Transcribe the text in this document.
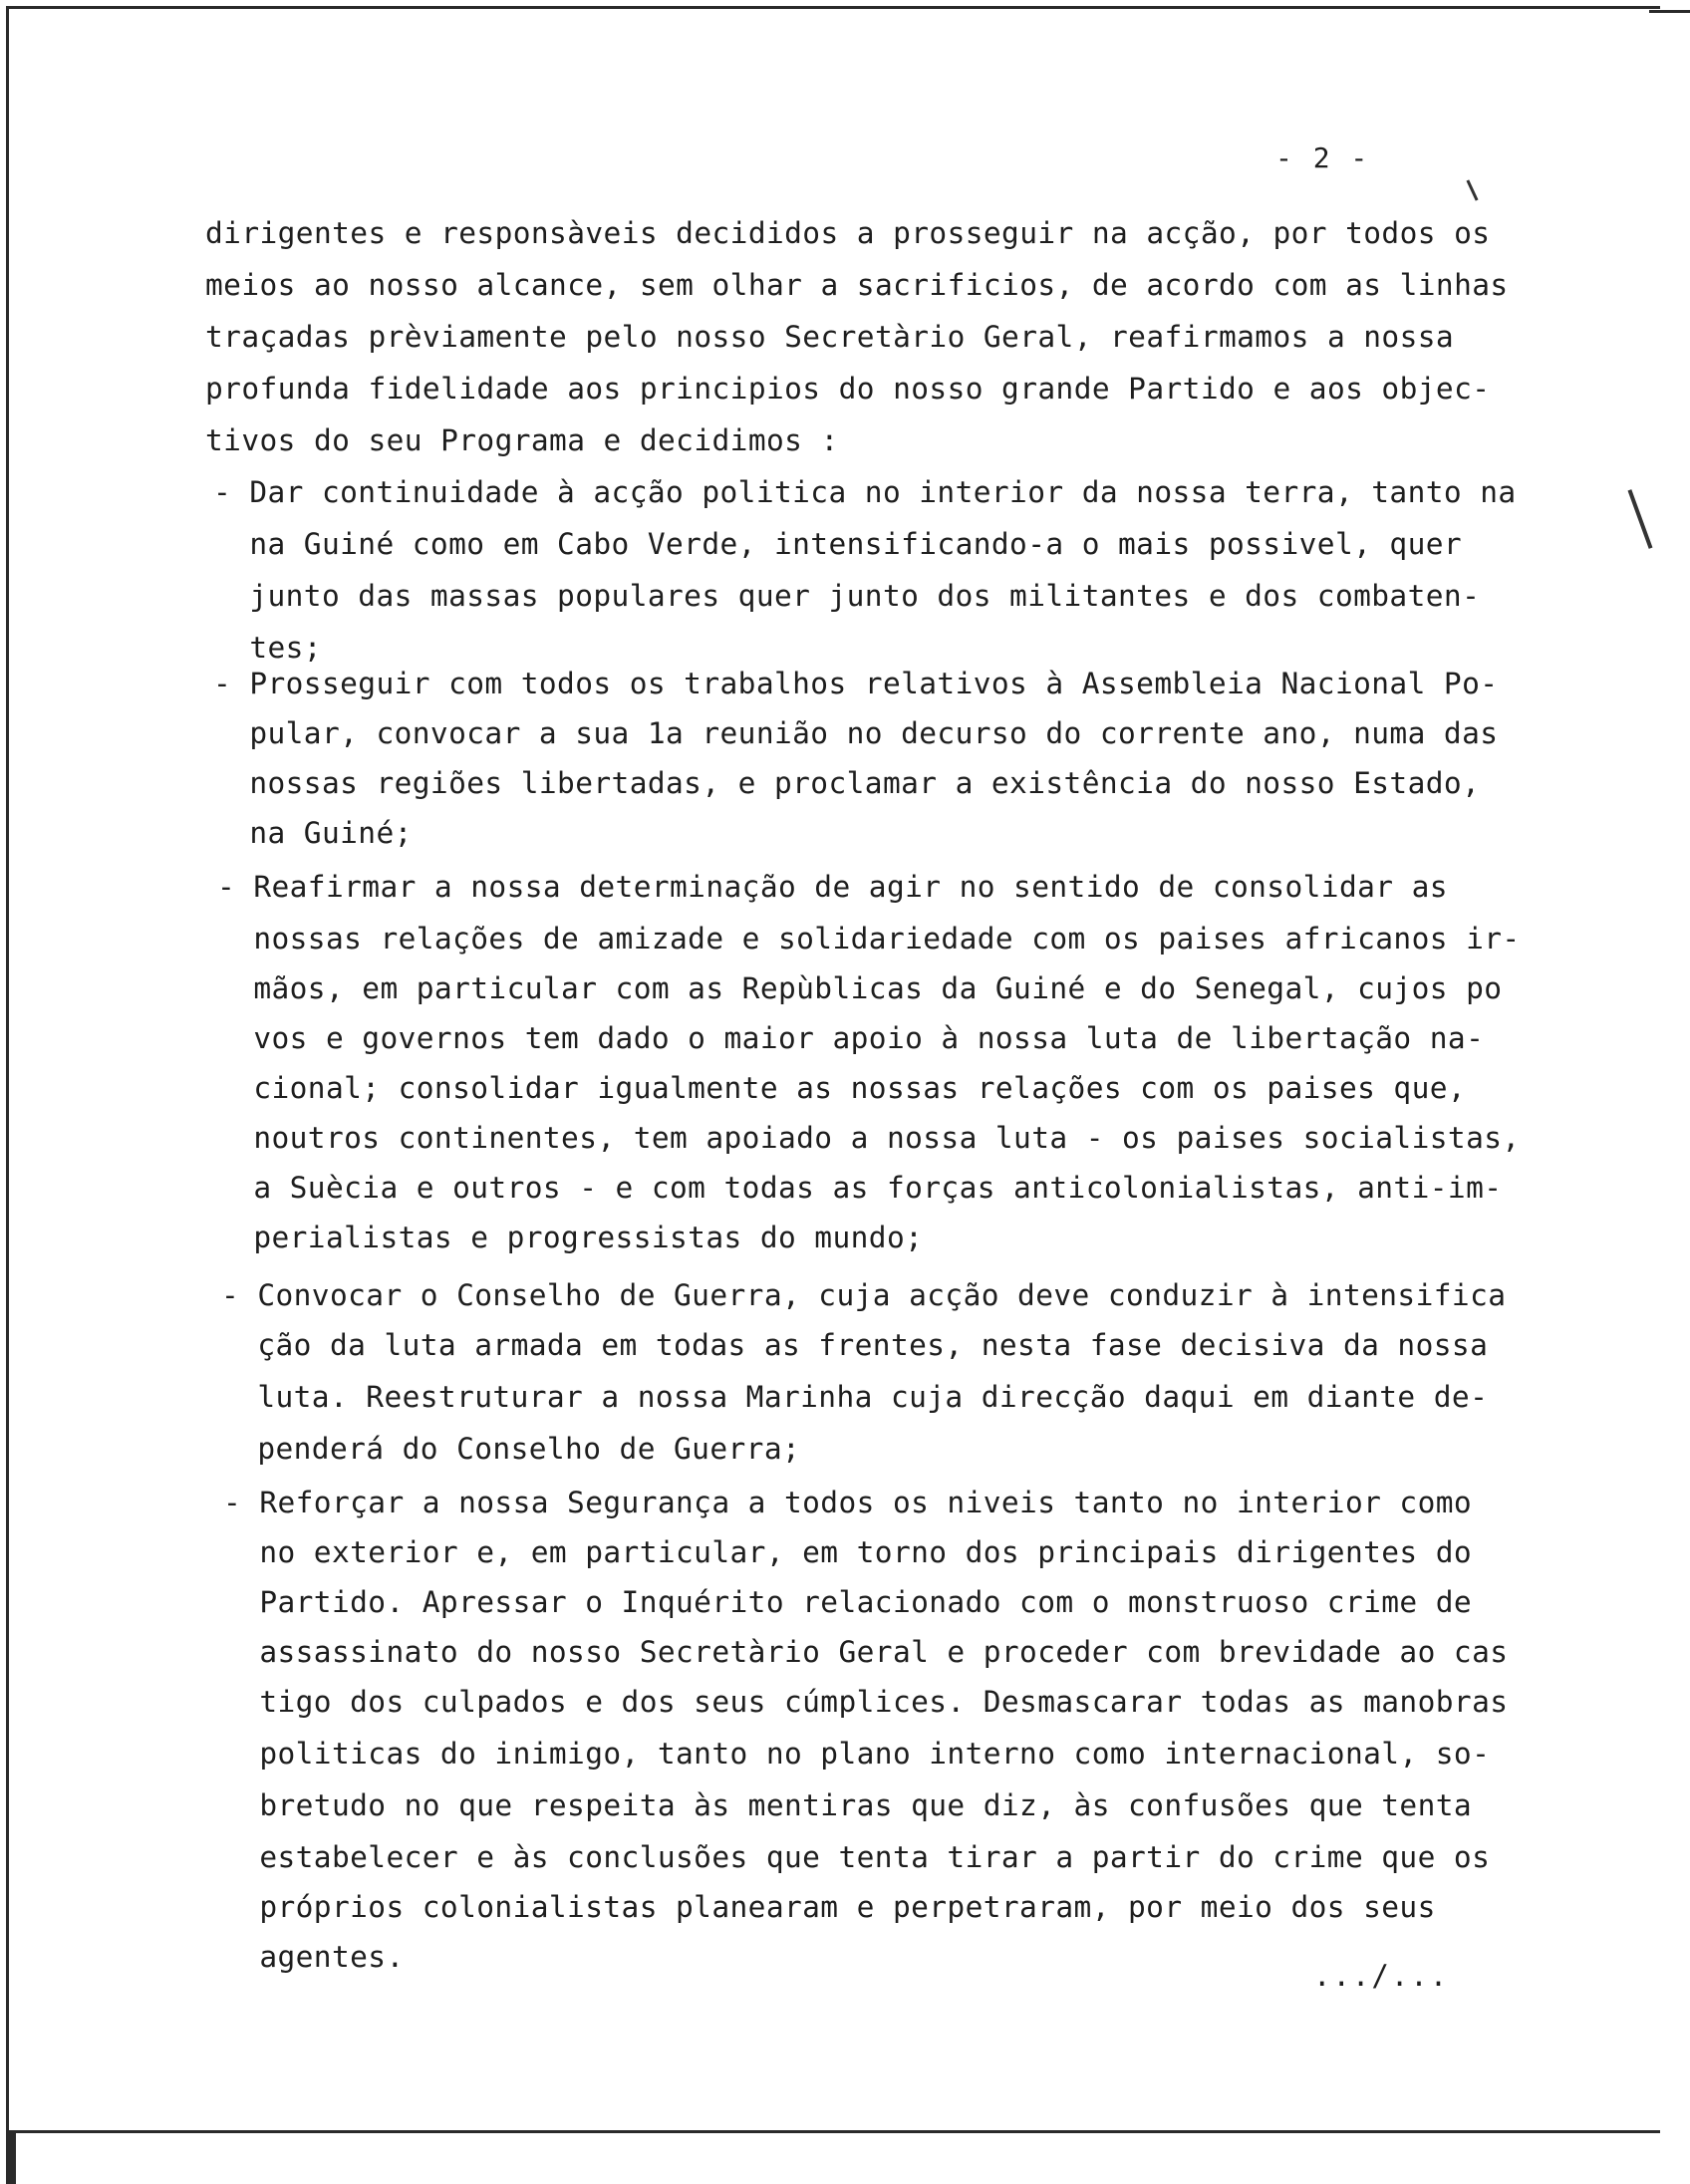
- 2 -
dirigentes e responsàveis decididos a prosseguir na acção, por todos os
meios ao nosso alcance, sem olhar a sacrificios, de acordo com as linhas
traçadas prèviamente pelo nosso Secretàrio Geral, reafirmamos a nossa
profunda fidelidade aos principios do nosso grande Partido e aos objec-
tivos do seu Programa e decidimos :
- Dar continuidade à acção politica no interior da nossa terra, tanto na
na Guiné como em Cabo Verde, intensificando-a o mais possivel, quer
junto das massas populares quer junto dos militantes e dos combaten-
tes;
- Prosseguir com todos os trabalhos relativos à Assembleia Nacional Po-
pular, convocar a sua 1a reunião no decurso do corrente ano, numa das
nossas regiões libertadas, e proclamar a existência do nosso Estado,
na Guiné;
- Reafirmar a nossa determinação de agir no sentido de consolidar as
nossas relações de amizade e solidariedade com os paises africanos ir-
mãos, em particular com as Repùblicas da Guiné e do Senegal, cujos po
vos e governos tem dado o maior apoio à nossa luta de libertação na-
cional; consolidar igualmente as nossas relações com os paises que,
noutros continentes, tem apoiado a nossa luta - os paises socialistas,
a Suècia e outros - e com todas as forças anticolonialistas, anti-im-
perialistas e progressistas do mundo;
- Convocar o Conselho de Guerra, cuja acção deve conduzir à intensifica
ção da luta armada em todas as frentes, nesta fase decisiva da nossa
luta. Reestruturar a nossa Marinha cuja direcção daqui em diante de-
penderá do Conselho de Guerra;
- Reforçar a nossa Segurança a todos os niveis tanto no interior como
no exterior e, em particular, em torno dos principais dirigentes do
Partido. Apressar o Inquérito relacionado com o monstruoso crime de
assassinato do nosso Secretàrio Geral e proceder com brevidade ao cas
tigo dos culpados e dos seus cúmplices. Desmascarar todas as manobras
politicas do inimigo, tanto no plano interno como internacional, so-
bretudo no que respeita às mentiras que diz, às confusões que tenta
estabelecer e às conclusões que tenta tirar a partir do crime que os
próprios colonialistas planearam e perpetraram, por meio dos seus
agentes.
.../...
